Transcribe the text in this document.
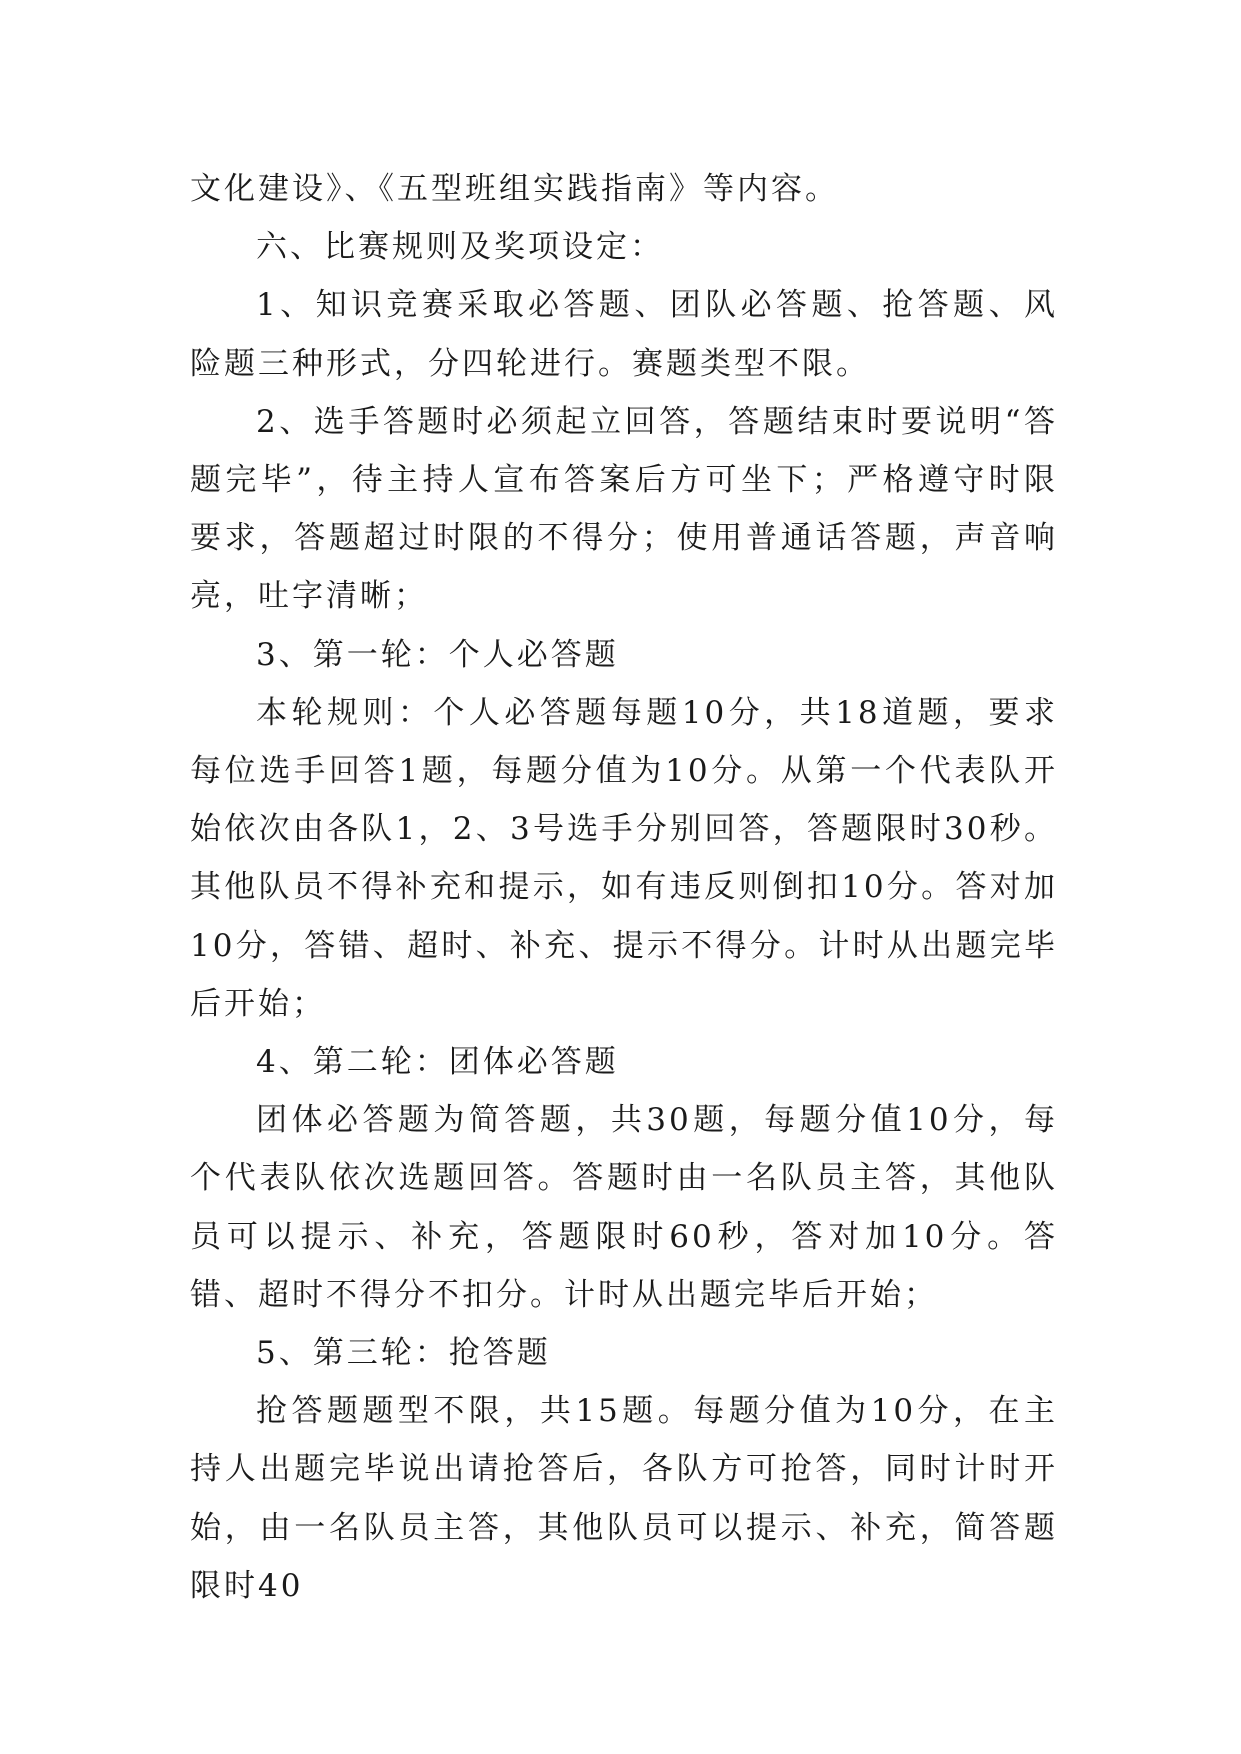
文化建设》、《五型班组实践指南》等内容。

六、比赛规则及奖项设定：

1、知识竞赛采取必答题、团队必答题、抢答题、风险题三种形式，分四轮进行。赛题类型不限。

2、选手答题时必须起立回答，答题结束时要说明“答题完毕”，待主持人宣布答案后方可坐下；严格遵守时限要求，答题超过时限的不得分；使用普通话答题，声音响亮，吐字清晰；

3、第一轮：个人必答题

本轮规则：个人必答题每题10分，共18道题，要求每位选手回答1题，每题分值为10分。从第一个代表队开始依次由各队1，2、3号选手分别回答，答题限时30秒。其他队员不得补充和提示，如有违反则倒扣10分。答对加10分，答错、超时、补充、提示不得分。计时从出题完毕后开始；

4、第二轮：团体必答题

团体必答题为简答题，共30题，每题分值10分，每个代表队依次选题回答。答题时由一名队员主答，其他队员可以提示、补充，答题限时60秒，答对加10分。答错、超时不得分不扣分。计时从出题完毕后开始；

5、第三轮：抢答题

抢答题题型不限，共15题。每题分值为10分，在主持人出题完毕说出请抢答后，各队方可抢答，同时计时开始，由一名队员主答，其他队员可以提示、补充，简答题限时40
